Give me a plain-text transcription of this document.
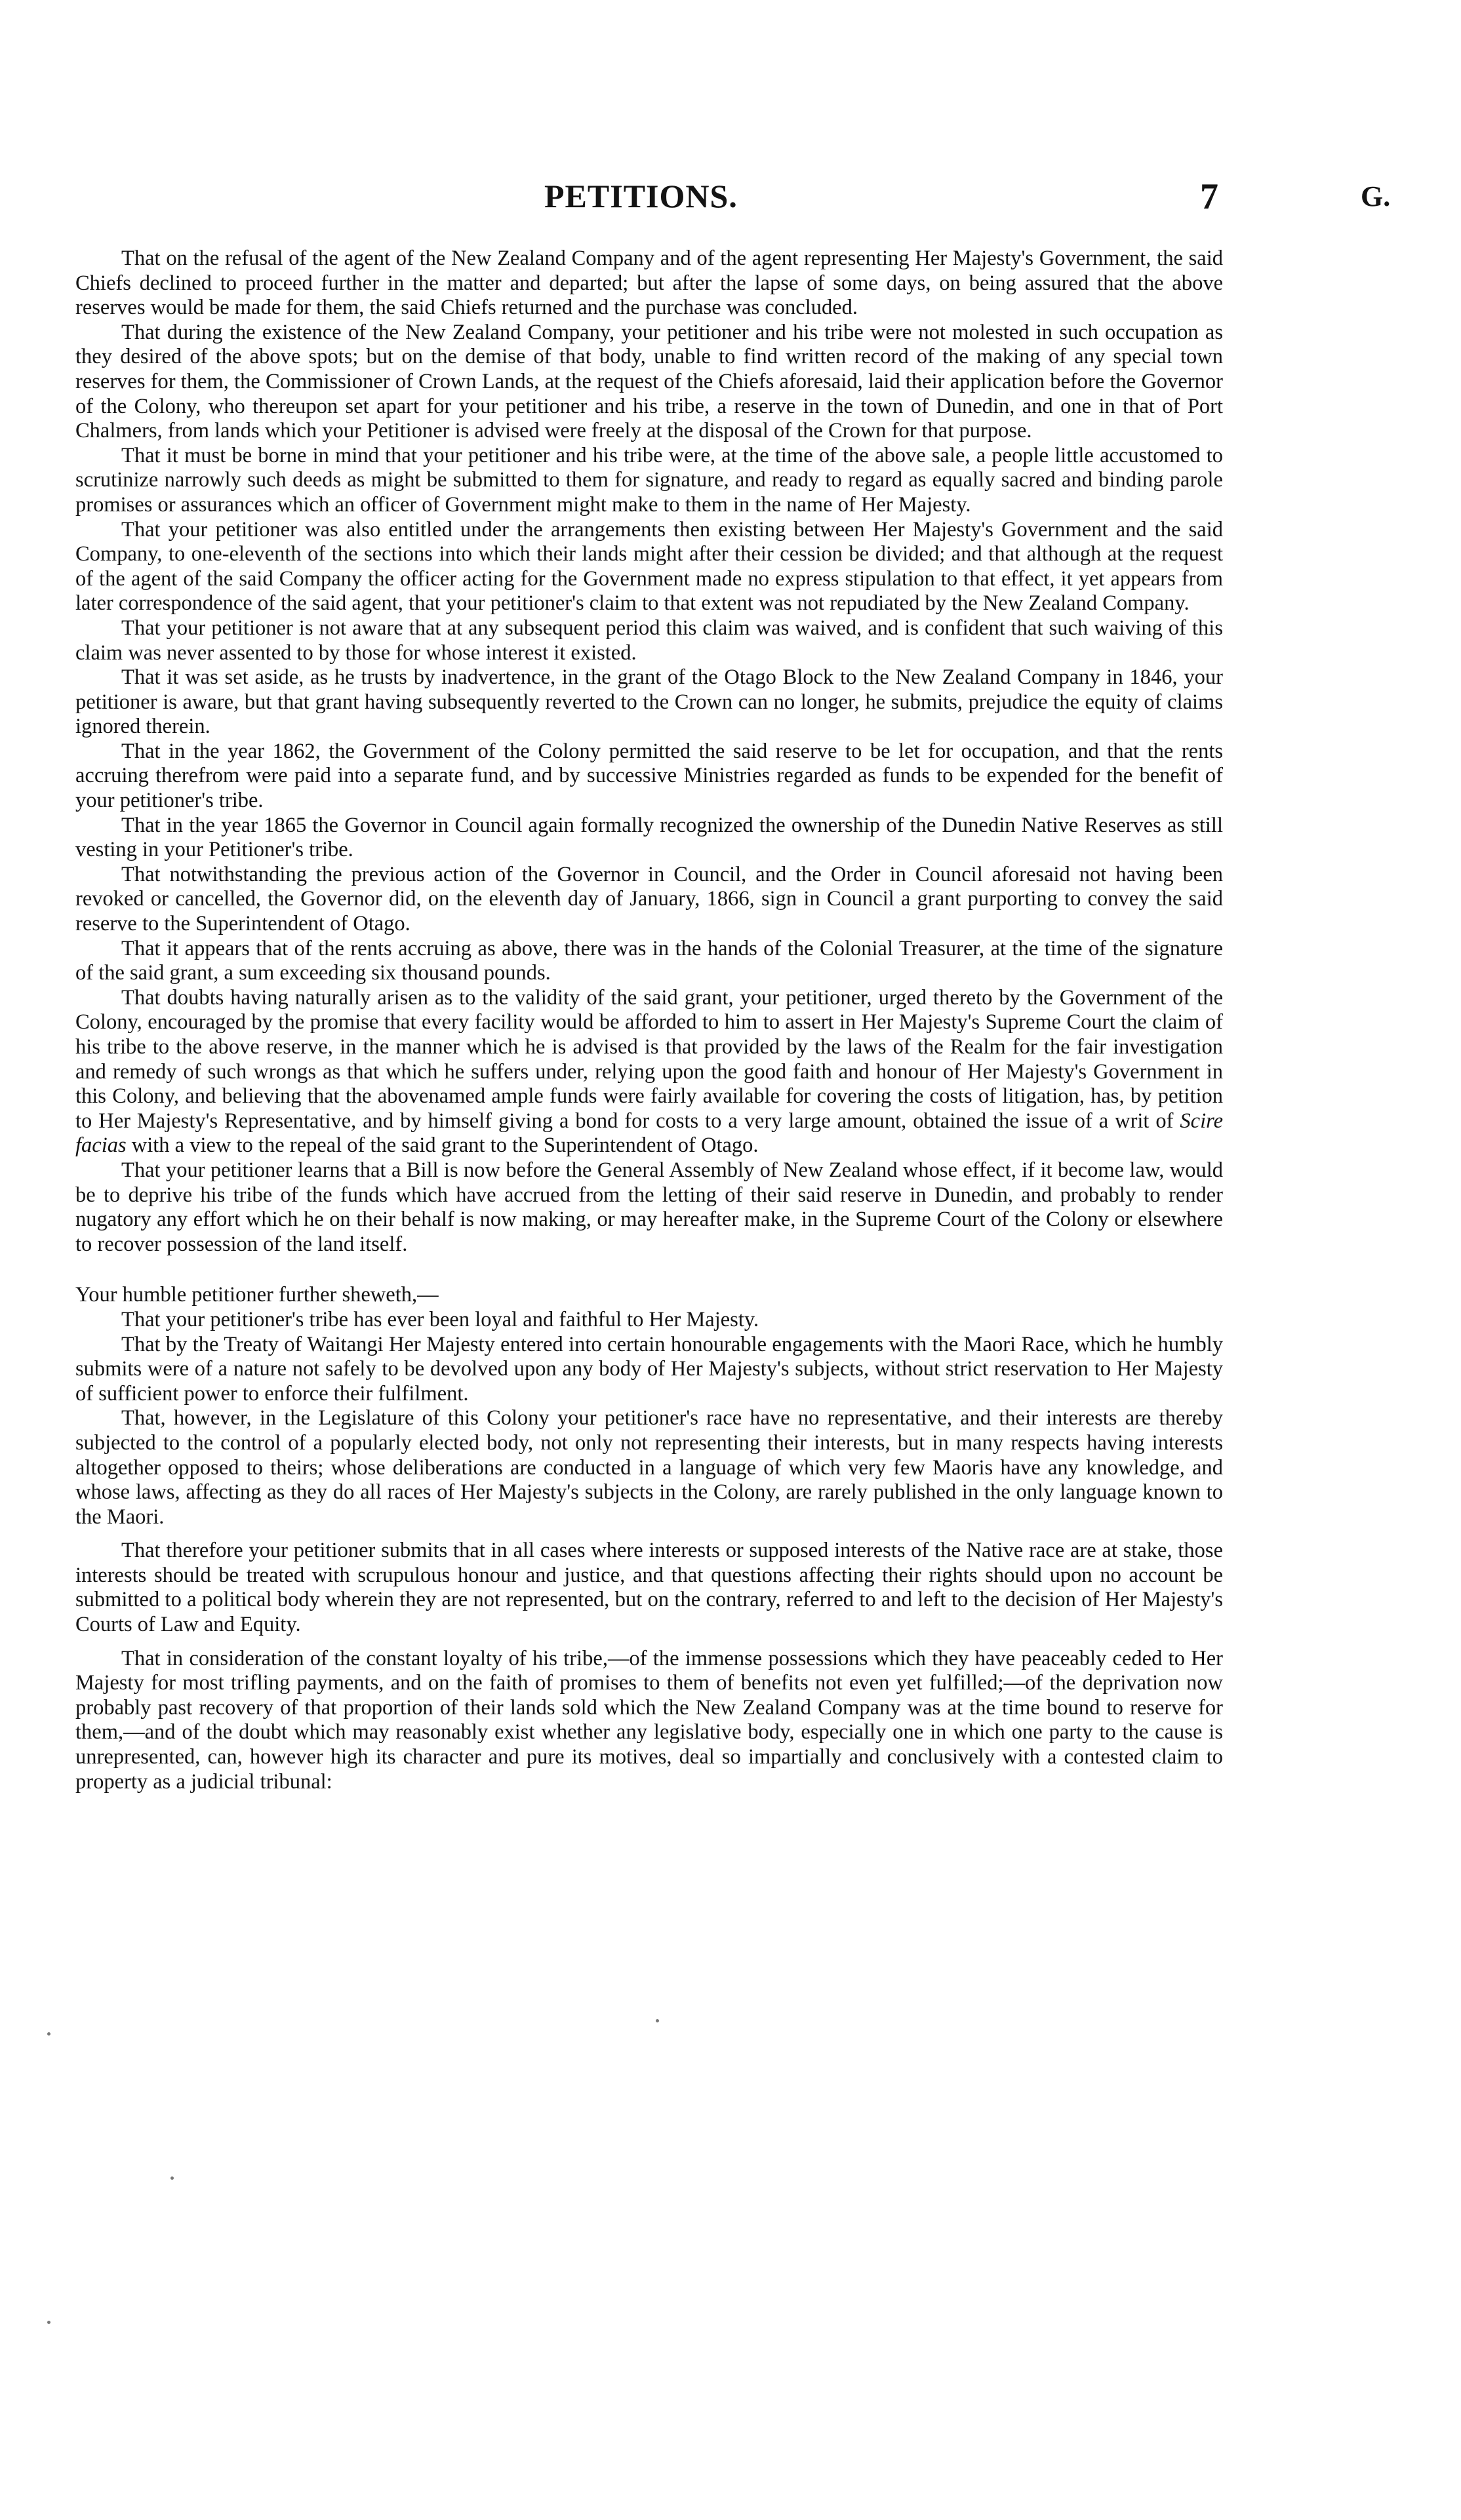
PETITIONS.	7	G.

That on the refusal of the agent of the New Zealand Company and of the agent representing Her Majesty's Government, the said Chiefs declined to proceed further in the matter and departed; but after the lapse of some days, on being assured that the above reserves would be made for them, the said Chiefs returned and the purchase was concluded.

That during the existence of the New Zealand Company, your petitioner and his tribe were not molested in such occupation as they desired of the above spots; but on the demise of that body, unable to find written record of the making of any special town reserves for them, the Commissioner of Crown Lands, at the request of the Chiefs aforesaid, laid their application before the Governor of the Colony, who thereupon set apart for your petitioner and his tribe, a reserve in the town of Dunedin, and one in that of Port Chalmers, from lands which your Petitioner is advised were freely at the disposal of the Crown for that purpose.

That it must be borne in mind that your petitioner and his tribe were, at the time of the above sale, a people little accustomed to scrutinize narrowly such deeds as might be submitted to them for signature, and ready to regard as equally sacred and binding parole promises or assurances which an officer of Government might make to them in the name of Her Majesty.

That your petitioner was also entitled under the arrangements then existing between Her Majesty's Government and the said Company, to one-eleventh of the sections into which their lands might after their cession be divided; and that although at the request of the agent of the said Company the officer acting for the Government made no express stipulation to that effect, it yet appears from later correspondence of the said agent, that your petitioner's claim to that extent was not repudiated by the New Zealand Company.

That your petitioner is not aware that at any subsequent period this claim was waived, and is confident that such waiving of this claim was never assented to by those for whose interest it existed.

That it was set aside, as he trusts by inadvertence, in the grant of the Otago Block to the New Zealand Company in 1846, your petitioner is aware, but that grant having subsequently reverted to the Crown can no longer, he submits, prejudice the equity of claims ignored therein.

That in the year 1862, the Government of the Colony permitted the said reserve to be let for occupation, and that the rents accruing therefrom were paid into a separate fund, and by successive Ministries regarded as funds to be expended for the benefit of your petitioner's tribe.

That in the year 1865 the Governor in Council again formally recognized the ownership of the Dunedin Native Reserves as still vesting in your Petitioner's tribe.

That notwithstanding the previous action of the Governor in Council, and the Order in Council aforesaid not having been revoked or cancelled, the Governor did, on the eleventh day of January, 1866, sign in Council a grant purporting to convey the said reserve to the Superintendent of Otago.

That it appears that of the rents accruing as above, there was in the hands of the Colonial Treasurer, at the time of the signature of the said grant, a sum exceeding six thousand pounds.

That doubts having naturally arisen as to the validity of the said grant, your petitioner, urged thereto by the Government of the Colony, encouraged by the promise that every facility would be afforded to him to assert in Her Majesty's Supreme Court the claim of his tribe to the above reserve, in the manner which he is advised is that provided by the laws of the Realm for the fair investigation and remedy of such wrongs as that which he suffers under, relying upon the good faith and honour of Her Majesty's Government in this Colony, and believing that the abovenamed ample funds were fairly available for covering the costs of litigation, has, by petition to Her Majesty's Representative, and by himself giving a bond for costs to a very large amount, obtained the issue of a writ of Scire facias with a view to the repeal of the said grant to the Superintendent of Otago.

That your petitioner learns that a Bill is now before the General Assembly of New Zealand whose effect, if it become law, would be to deprive his tribe of the funds which have accrued from the letting of their said reserve in Dunedin, and probably to render nugatory any effort which he on their behalf is now making, or may hereafter make, in the Supreme Court of the Colony or elsewhere to recover possession of the land itself.

Your humble petitioner further sheweth,—

That your petitioner's tribe has ever been loyal and faithful to Her Majesty.

That by the Treaty of Waitangi Her Majesty entered into certain honourable engagements with the Maori Race, which he humbly submits were of a nature not safely to be devolved upon any body of Her Majesty's subjects, without strict reservation to Her Majesty of sufficient power to enforce their fulfilment.

That, however, in the Legislature of this Colony your petitioner's race have no representative, and their interests are thereby subjected to the control of a popularly elected body, not only not representing their interests, but in many respects having interests altogether opposed to theirs; whose deliberations are conducted in a language of which very few Maoris have any knowledge, and whose laws, affecting as they do all races of Her Majesty's subjects in the Colony, are rarely published in the only language known to the Maori.

That therefore your petitioner submits that in all cases where interests or supposed interests of the Native race are at stake, those interests should be treated with scrupulous honour and justice, and that questions affecting their rights should upon no account be submitted to a political body wherein they are not represented, but on the contrary, referred to and left to the decision of Her Majesty's Courts of Law and Equity.

That in consideration of the constant loyalty of his tribe,—of the immense possessions which they have peaceably ceded to Her Majesty for most trifling payments, and on the faith of promises to them of benefits not even yet fulfilled;—of the deprivation now probably past recovery of that proportion of their lands sold which the New Zealand Company was at the time bound to reserve for them,—and of the doubt which may reasonably exist whether any legislative body, especially one in which one party to the cause is unrepresented, can, however high its character and pure its motives, deal so impartially and conclusively with a contested claim to property as a judicial tribunal:
